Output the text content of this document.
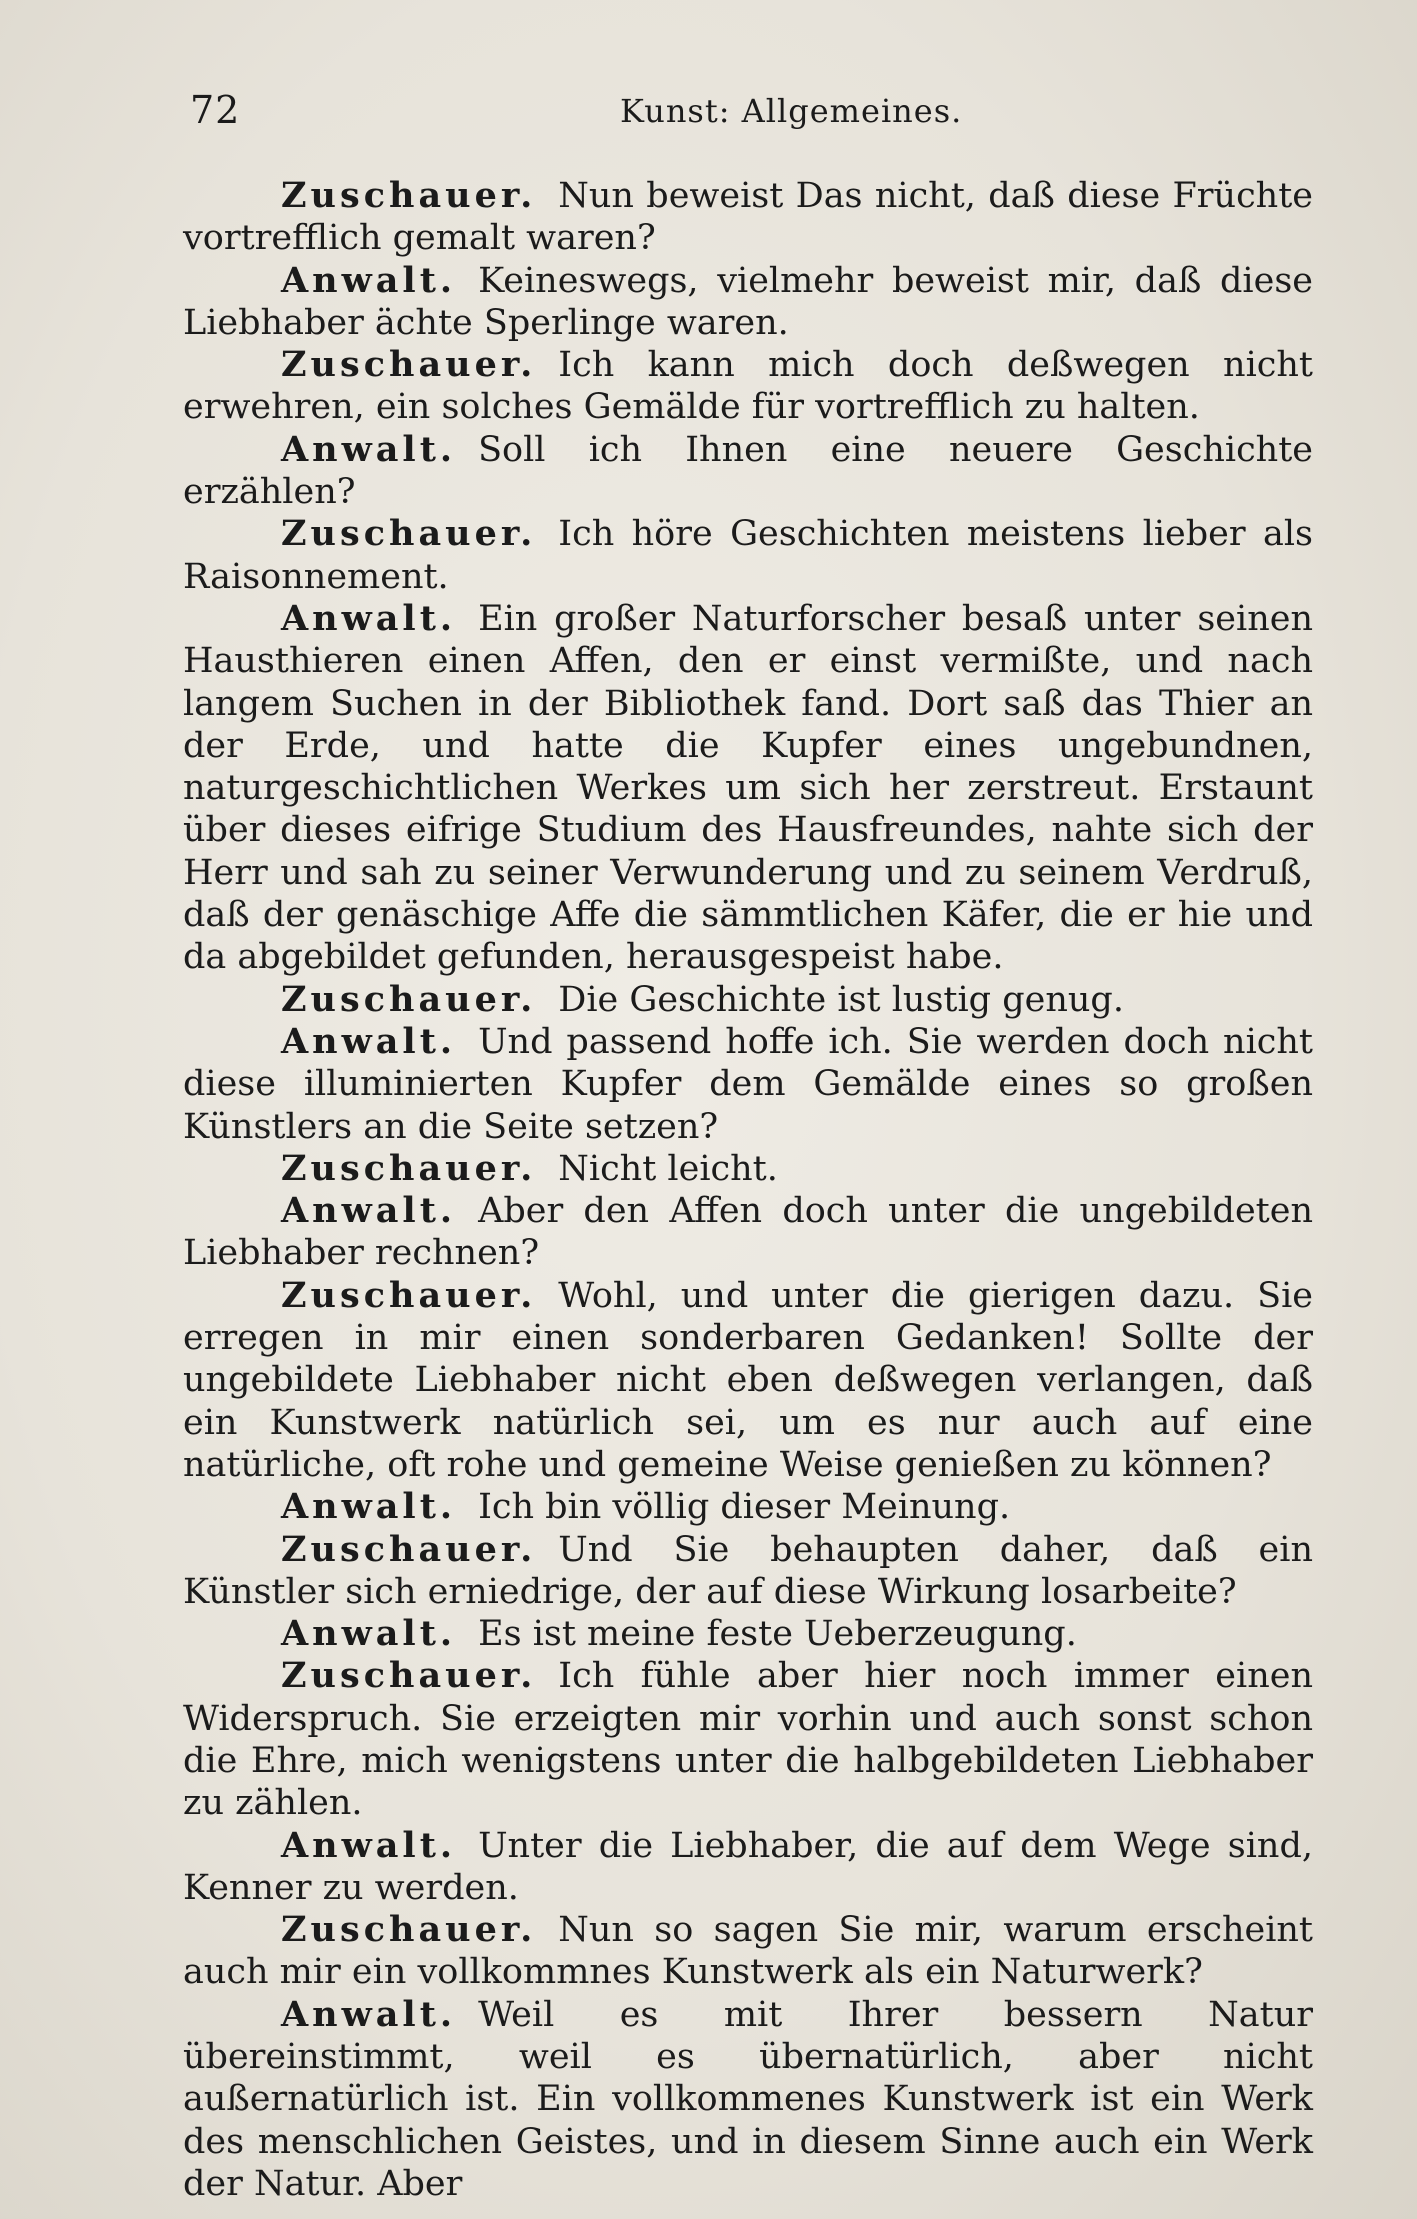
72	Kunst: Allgemeines.

Zuschauer. Nun beweist Das nicht, daß diese Früchte vortrefflich gemalt waren?

Anwalt. Keineswegs, vielmehr beweist mir, daß diese Liebhaber ächte Sperlinge waren.

Zuschauer. Ich kann mich doch deßwegen nicht erwehren, ein solches Gemälde für vortrefflich zu halten.

Anwalt. Soll ich Ihnen eine neuere Geschichte erzählen?

Zuschauer. Ich höre Geschichten meistens lieber als Raisonnement.

Anwalt. Ein großer Naturforscher besaß unter seinen Hausthieren einen Affen, den er einst vermißte, und nach langem Suchen in der Bibliothek fand. Dort saß das Thier an der Erde, und hatte die Kupfer eines ungebundnen, naturgeschichtlichen Werkes um sich her zerstreut. Erstaunt über dieses eifrige Studium des Hausfreundes, nahte sich der Herr und sah zu seiner Verwunderung und zu seinem Verdruß, daß der genäschige Affe die sämmtlichen Käfer, die er hie und da abgebildet gefunden, herausgespeist habe.

Zuschauer. Die Geschichte ist lustig genug.

Anwalt. Und passend hoffe ich. Sie werden doch nicht diese illuminierten Kupfer dem Gemälde eines so großen Künstlers an die Seite setzen?

Zuschauer. Nicht leicht.

Anwalt. Aber den Affen doch unter die ungebildeten Liebhaber rechnen?

Zuschauer. Wohl, und unter die gierigen dazu. Sie erregen in mir einen sonderbaren Gedanken! Sollte der ungebildete Liebhaber nicht eben deßwegen verlangen, daß ein Kunstwerk natürlich sei, um es nur auch auf eine natürliche, oft rohe und gemeine Weise genießen zu können?

Anwalt. Ich bin völlig dieser Meinung.

Zuschauer. Und Sie behaupten daher, daß ein Künstler sich erniedrige, der auf diese Wirkung losarbeite?

Anwalt. Es ist meine feste Ueberzeugung.

Zuschauer. Ich fühle aber hier noch immer einen Widerspruch. Sie erzeigten mir vorhin und auch sonst schon die Ehre, mich wenigstens unter die halbgebildeten Liebhaber zu zählen.

Anwalt. Unter die Liebhaber, die auf dem Wege sind, Kenner zu werden.

Zuschauer. Nun so sagen Sie mir, warum erscheint auch mir ein vollkommnes Kunstwerk als ein Naturwerk?

Anwalt. Weil es mit Ihrer bessern Natur übereinstimmt, weil es übernatürlich, aber nicht außernatürlich ist. Ein vollkommenes Kunstwerk ist ein Werk des menschlichen Geistes, und in diesem Sinne auch ein Werk der Natur. Aber
